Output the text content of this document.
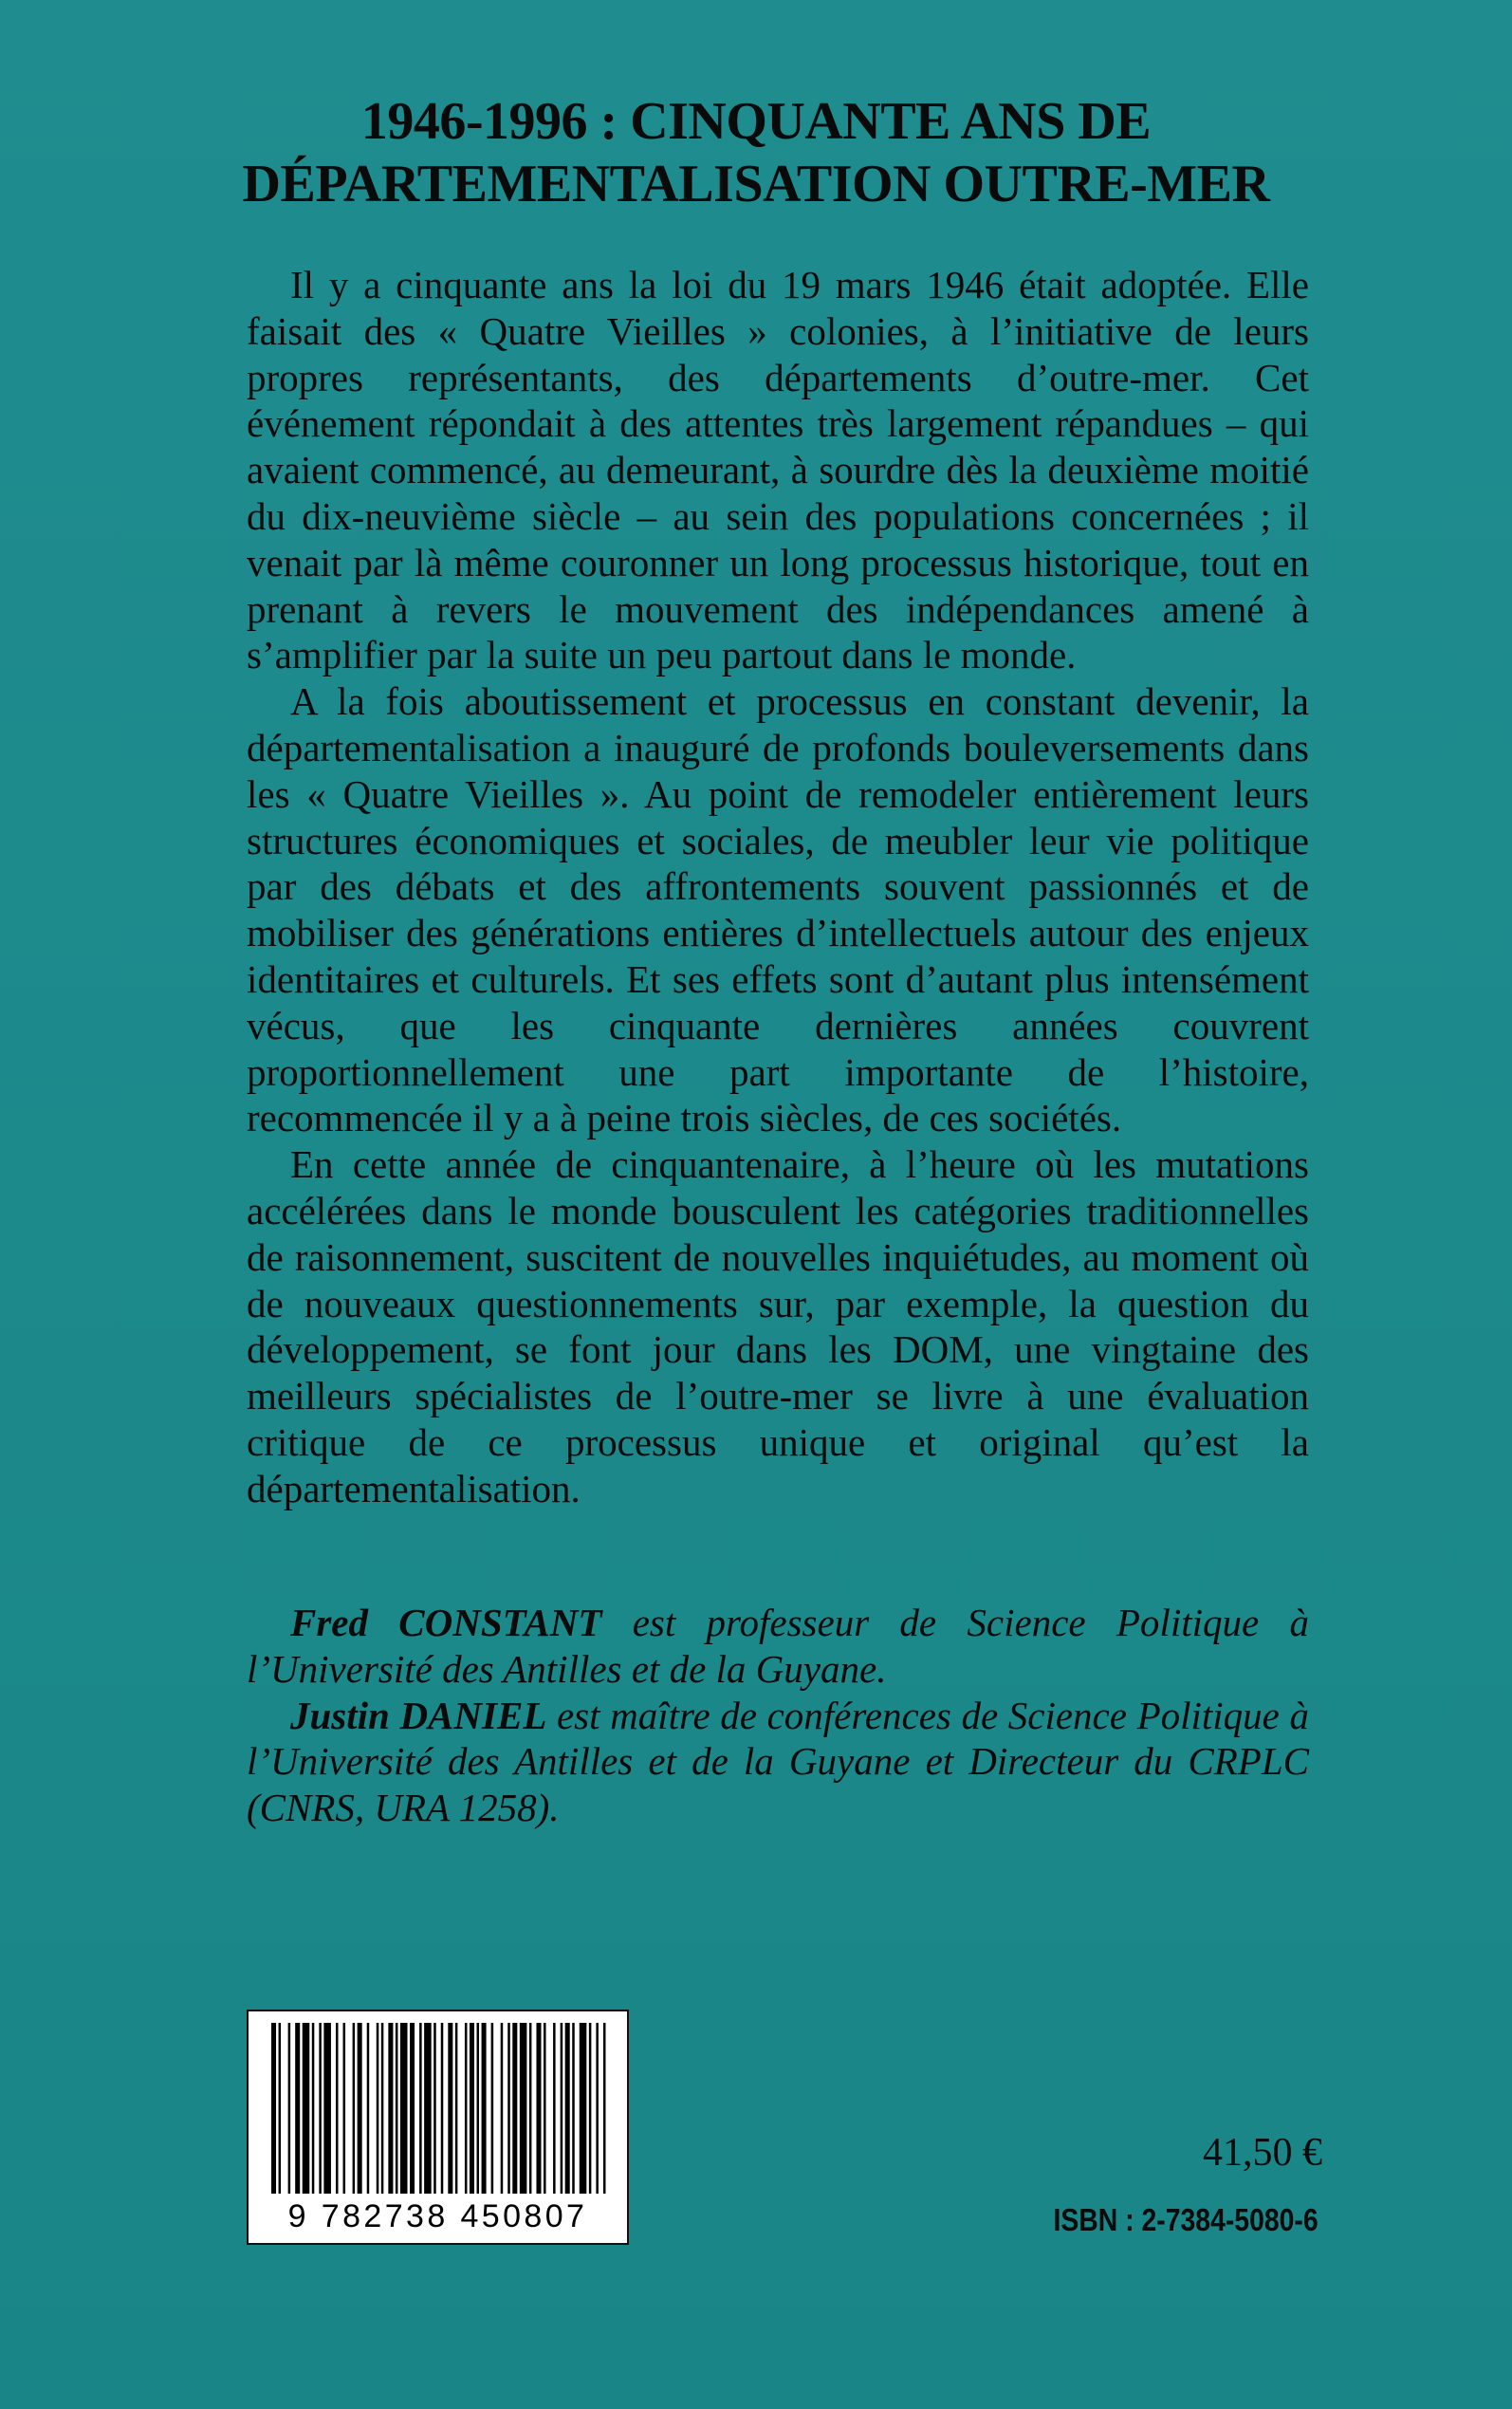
1946-1996 : CINQUANTE ANS DE
DÉPARTEMENTALISATION OUTRE-MER

Il y a cinquante ans la loi du 19 mars 1946 était adoptée. Elle faisait des « Quatre Vieilles » colonies, à l’initiative de leurs propres représentants, des départements d’outre-mer. Cet événement répondait à des attentes très largement répandues – qui avaient commencé, au demeurant, à sourdre dès la deuxième moitié du dix-neuvième siècle – au sein des populations concernées ; il venait par là même couronner un long processus historique, tout en prenant à revers le mouvement des indépendances amené à s’amplifier par la suite un peu partout dans le monde.

A la fois aboutissement et processus en constant devenir, la départementalisation a inauguré de profonds bouleversements dans les « Quatre Vieilles ». Au point de remodeler entièrement leurs structures économiques et sociales, de meubler leur vie politique par des débats et des affrontements souvent passionnés et de mobiliser des générations entières d’intellectuels autour des enjeux identitaires et culturels. Et ses effets sont d’autant plus intensément vécus, que les cinquante dernières années couvrent proportionnellement une part importante de l’histoire, recommencée il y a à peine trois siècles, de ces sociétés.

En cette année de cinquantenaire, à l’heure où les mutations accélérées dans le monde bousculent les catégories traditionnelles de raisonnement, suscitent de nouvelles inquiétudes, au moment où de nouveaux questionnements sur, par exemple, la question du développement, se font jour dans les DOM, une vingtaine des meilleurs spécialistes de l’outre-mer se livre à une évaluation critique de ce processus unique et original qu’est la départementalisation.

Fred CONSTANT est professeur de Science Politique à l’Université des Antilles et de la Guyane.

Justin DANIEL est maître de conférences de Science Politique à l’Université des Antilles et de la Guyane et Directeur du CRPLC (CNRS, URA 1258).

9 782738 450807
41,50 €
ISBN : 2-7384-5080-6
